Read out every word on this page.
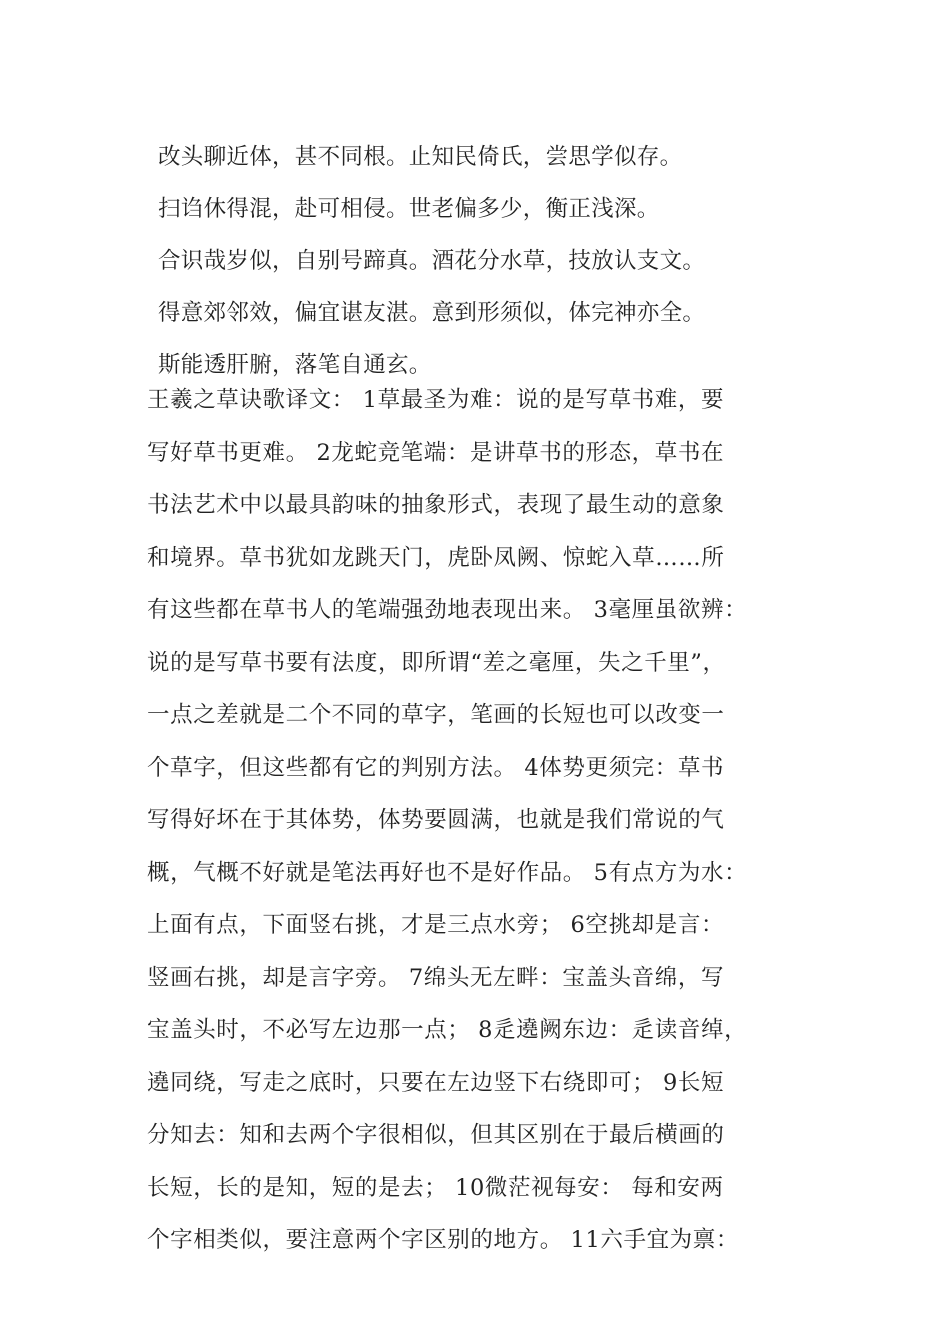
改头聊近体，甚不同根。止知民倚氏，尝思学似存。
扫诌休得混，赴可相侵。世老偏多少，衡正浅深。
合识哉岁似，自别号蹄真。酒花分水草，技放认支文。
得意郊邻效，偏宜谌友湛。意到形须似，体完神亦全。
斯能透肝腑，落笔自通玄。
王羲之草诀歌译文： 1草最圣为难：说的是写草书难，要
写好草书更难。 2龙蛇竞笔端：是讲草书的形态，草书在
书法艺术中以最具韵味的抽象形式，表现了最生动的意象
和境界。草书犹如龙跳天门，虎卧凤阙、惊蛇入草……所
有这些都在草书人的笔端强劲地表现出来。 3毫厘虽欲辨：
说的是写草书要有法度，即所谓“差之毫厘，失之千里”，
一点之差就是二个不同的草字，笔画的长短也可以改变一
个草字，但这些都有它的判别方法。 4体势更须完：草书
写得好坏在于其体势，体势要圆满，也就是我们常说的气
概，气概不好就是笔法再好也不是好作品。 5有点方为水：
上面有点，下面竖右挑，才是三点水旁； 6空挑却是言：
竖画右挑，却是言字旁。 7绵头无左畔：宝盖头音绵，写
宝盖头时，不必写左边那一点； 8辵遶阙东边：辵读音绰，
遶同绕，写走之底时，只要在左边竖下右绕即可； 9长短
分知去：知和去两个字很相似，但其区别在于最后横画的
长短，长的是知，短的是去； 10微茫视每安： 每和安两
个字相类似，要注意两个字区别的地方。 11六手宜为禀：
